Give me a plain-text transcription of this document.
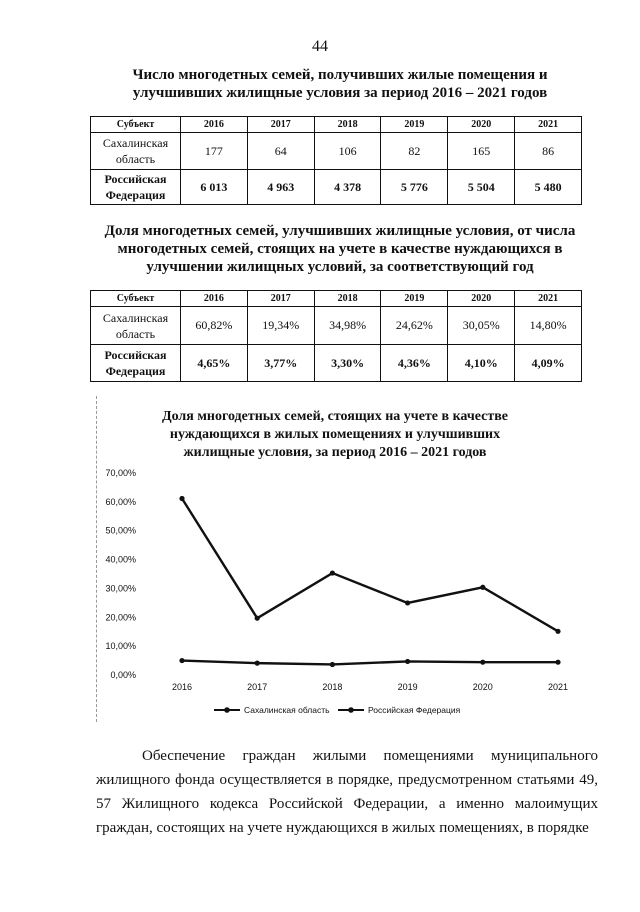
44
Число многодетных семей, получивших жилые помещения и
улучшивших жилищные условия за период 2016 – 2021 годов
Субъект	2016	2017	2018	2019	2020	2021

Сахалинская
область	177	64	106	82	165	86

Российская
Федерация	6 013	4 963	4 378	5 776	5 504	5 480
Доля многодетных семей, улучшивших жилищные условия, от числа
многодетных семей, стоящих на учете в качестве нуждающихся в
улучшении жилищных условий, за соответствующий год
Субъект	2016	2017	2018	2019	2020	2021

Сахалинская
область	60,82%	19,34%	34,98%	24,62%	30,05%	14,80%

Российская
Федерация	4,65%	3,77%	3,30%	4,36%	4,10%	4,09%
Доля многодетных семей, стоящих на учете в качестве
нуждающихся в жилых помещениях и улучшивших
жилищные условия, за период 2016 – 2021 годов
0,00%
10,00%
20,00%
30,00%
40,00%
50,00%
60,00%
70,00%
2016	2017	2018	2019	2020	2021
Сахалинская область	Российская Федерация

Обеспечение граждан жилыми помещениями муниципального жилищного фонда осуществляется в порядке, предусмотренном статьями 49, 57 Жилищного кодекса Российской Федерации, а именно малоимущих граждан, состоящих на учете нуждающихся в жилых помещениях, в порядке
